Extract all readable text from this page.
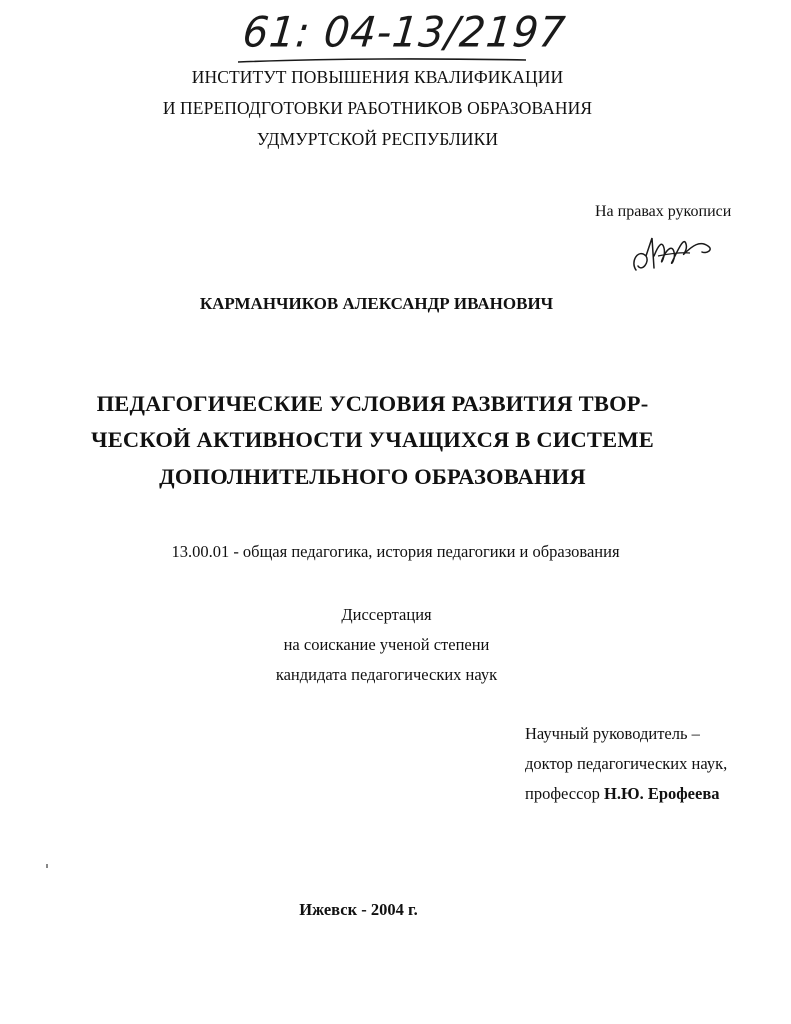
61: 04-13/2197
ИНСТИТУТ ПОВЫШЕНИЯ КВАЛИФИКАЦИИ
И ПЕРЕПОДГОТОВКИ РАБОТНИКОВ ОБРАЗОВАНИЯ
УДМУРТСКОЙ РЕСПУБЛИКИ
На правах рукописи
КАРМАНЧИКОВ АЛЕКСАНДР ИВАНОВИЧ
ПЕДАГОГИЧЕСКИЕ УСЛОВИЯ РАЗВИТИЯ ТВОР-
ЧЕСКОЙ АКТИВНОСТИ УЧАЩИХСЯ В СИСТЕМЕ
ДОПОЛНИТЕЛЬНОГО ОБРАЗОВАНИЯ
13.00.01 - общая педагогика, история педагогики и образования
Диссертация
на соискание ученой степени
кандидата педагогических наук
Научный руководитель –
доктор педагогических наук,
профессор Н.Ю. Ерофеева
Ижевск - 2004 г.
